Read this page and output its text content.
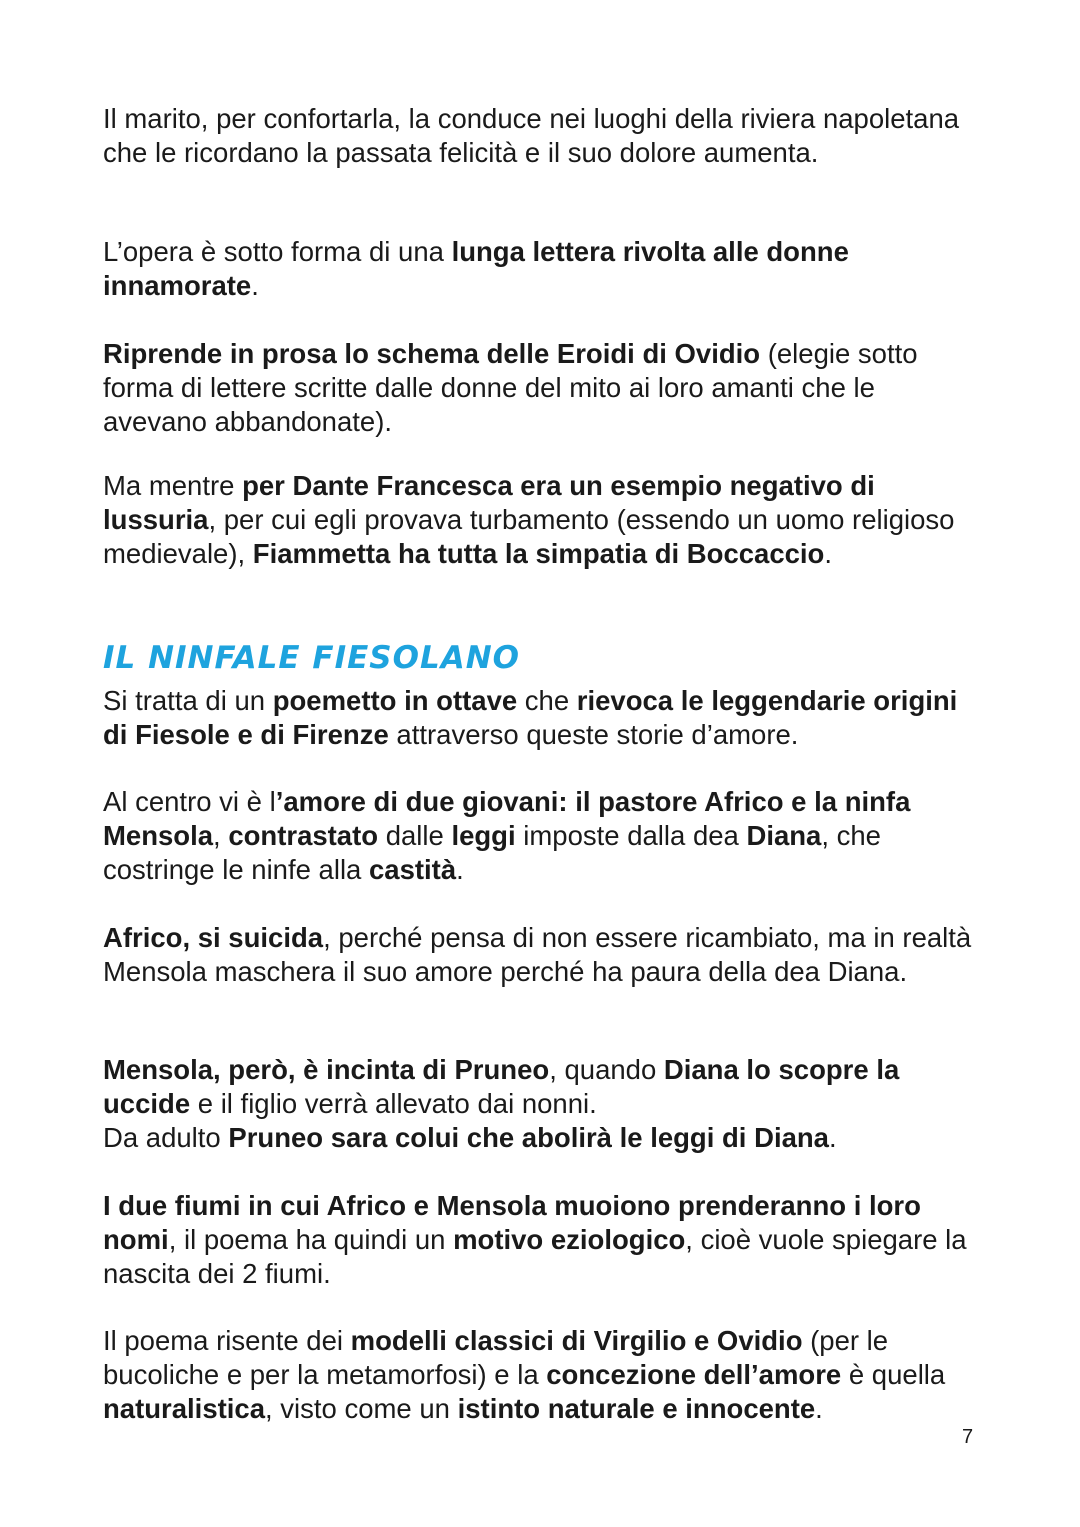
Il marito, per confortarla, la conduce nei luoghi della riviera napoletana che le ricordano la passata felicità e il suo dolore aumenta.

L’opera è sotto forma di una lunga lettera rivolta alle donne innamorate.

Riprende in prosa lo schema delle Eroidi di Ovidio (elegie sotto forma di lettere scritte dalle donne del mito ai loro amanti che le avevano abbandonate).

Ma mentre per Dante Francesca era un esempio negativo di lussuria, per cui egli provava turbamento (essendo un uomo religioso medievale), Fiammetta ha tutta la simpatia di Boccaccio.

IL NINFALE FIESOLANO

Si tratta di un poemetto in ottave che rievoca le leggendarie origini di Fiesole e di Firenze attraverso queste storie d’amore.

Al centro vi è l’amore di due giovani: il pastore Africo e la ninfa Mensola, contrastato dalle leggi imposte dalla dea Diana, che costringe le ninfe alla castità.

Africo, si suicida, perché pensa di non essere ricambiato, ma in realtà Mensola maschera il suo amore perché ha paura della dea Diana.

Mensola, però, è incinta di Pruneo, quando Diana lo scopre la uccide e il figlio verrà allevato dai nonni.
Da adulto Pruneo sara colui che abolirà le leggi di Diana.

I due fiumi in cui Africo e Mensola muoiono prenderanno i loro nomi, il poema ha quindi un motivo eziologico, cioè vuole spiegare la nascita dei 2 fiumi.

Il poema risente dei modelli classici di Virgilio e Ovidio (per le bucoliche e per la metamorfosi) e la concezione dell’amore è quella naturalistica, visto come un istinto naturale e innocente.

7
